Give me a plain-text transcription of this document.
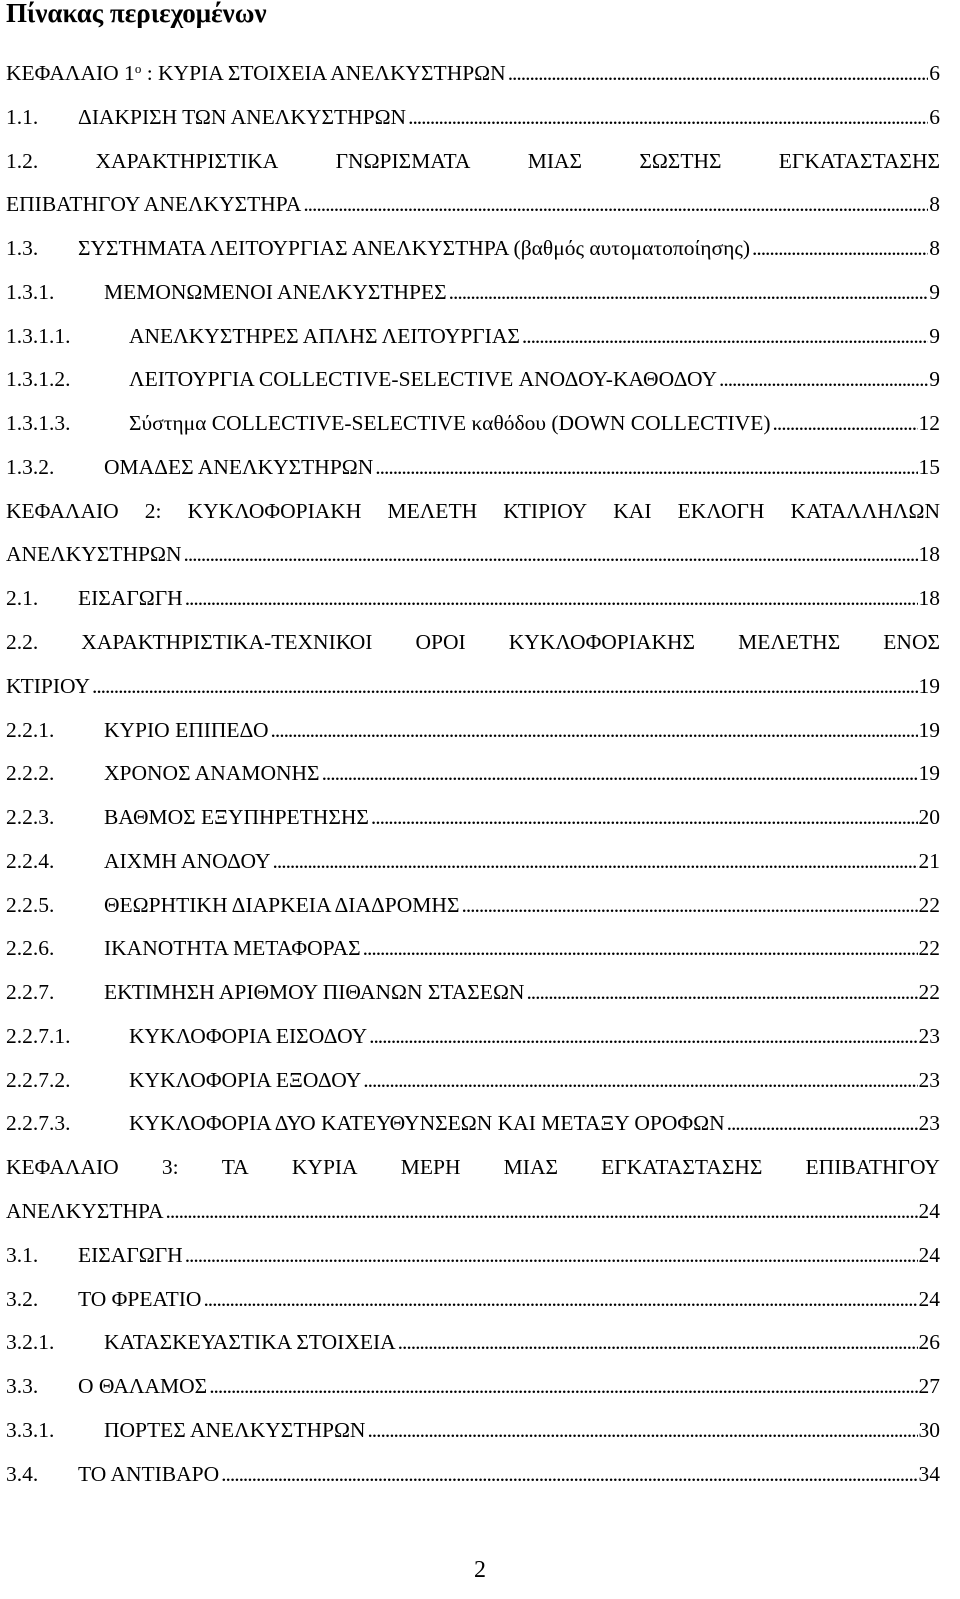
Πίνακας περιεχομένων
ΚΕΦΑΛΑΙΟ $1^o$ : ΚΥΡΙΑ ΣΤΟΙΧΕΙΑ ΑΝΕΛΚΥΣΤΗΡΩΝ . . .	6
1.1. ΔΙΑΚΡΙΣΗ ΤΩΝ ΑΝΕΛΚΥΣΤΗΡΩΝ . . .	6
1.2.	ΧΑΡΑΚΤΗΡΙΣΤΙΚΑ	ΓΝΩΡΙΣΜΑΤΑ	ΜΙΑΣ	ΣΩΣΤΗΣ	ΕΓΚΑΤΑΣΤΑΣΗΣ
ΕΠΙΒΑΤΗΓΟΥ ΑΝΕΛΚΥΣΤΗΡΑ . . .	8
1.3. ΣΥΣΤΗΜΑΤΑ ΛΕΙΤΟΥΡΓΙΑΣ ΑΝΕΛΚΥΣΤΗΡΑ (βαθμός αυτοματοποίησης) . . .	8
1.3.1. ΜΕΜΟΝΩΜΕΝΟΙ ΑΝΕΛΚΥΣΤΗΡΕΣ . . .	9
1.3.1.1.	ΑΝΕΛΚΥΣΤΗΡΕΣ ΑΠΛΗΣ ΛΕΙΤΟΥΡΓΙΑΣ . . .	9
1.3.1.2.	ΛΕΙΤΟΥΡΓΙΑ COLLECTIVE-SELECTIVE ΑΝΟΔΟΥ-ΚΑΘΟΔΟΥ . . .	9
1.3.1.3.	Σύστημα COLLECTIVE-SELECTIVE καθόδου (DOWN COLLECTIVE) . . .	12
1.3.2. ΟΜΑΔΕΣ ΑΝΕΛΚΥΣΤΗΡΩΝ . . .	15
ΚΕΦΑΛΑΙΟ 2: ΚΥΚΛΟΦΟΡΙΑΚΗ ΜΕΛΕΤΗ ΚΤΙΡΙΟΥ ΚΑΙ ΕΚΛΟΓΗ ΚΑΤΑΛΛΗΛΩΝ
ΑΝΕΛΚΥΣΤΗΡΩΝ . . .	18
2.1. ΕΙΣΑΓΩΓΗ . . .	18
2.2. ΧΑΡΑΚΤΗΡΙΣΤΙΚΑ-ΤΕΧΝΙΚΟΙ ΟΡΟΙ ΚΥΚΛΟΦΟΡΙΑΚΗΣ ΜΕΛΕΤΗΣ ΕΝΟΣ
ΚΤΙΡΙΟΥ . . .	19
2.2.1. ΚΥΡΙΟ ΕΠΙΠΕΔΟ . . .	19
2.2.2. ΧΡΟΝΟΣ ΑΝΑΜΟΝΗΣ . . .	19
2.2.3. ΒΑΘΜΟΣ ΕΞΥΠΗΡΕΤΗΣΗΣ . . .	20
2.2.4. ΑΙΧΜΗ ΑΝΟΔΟΥ . . .	21
2.2.5. ΘΕΩΡΗΤΙΚΗ ΔΙΑΡΚΕΙΑ ΔΙΑΔΡΟΜΗΣ . . .	22
2.2.6. ΙΚΑΝΟΤΗΤΑ ΜΕΤΑΦΟΡΑΣ . . .	22
2.2.7. ΕΚΤΙΜΗΣΗ ΑΡΙΘΜΟΥ ΠΙΘΑΝΩΝ ΣΤΑΣΕΩΝ . . .	22
2.2.7.1.	ΚΥΚΛΟΦΟΡΙΑ ΕΙΣΟΔΟΥ . . .	23
2.2.7.2.	ΚΥΚΛΟΦΟΡΙΑ ΕΞΟΔΟΥ . . .	23
2.2.7.3.	ΚΥΚΛΟΦΟΡΙΑ ΔΥΟ ΚΑΤΕΥΘΥΝΣΕΩΝ ΚΑΙ ΜΕΤΑΞΥ ΟΡΟΦΩΝ . . .	23
ΚΕΦΑΛΑΙΟ 3: ΤΑ ΚΥΡΙΑ ΜΕΡΗ ΜΙΑΣ ΕΓΚΑΤΑΣΤΑΣΗΣ ΕΠΙΒΑΤΗΓΟΥ
ΑΝΕΛΚΥΣΤΗΡΑ . . .	24
3.1. ΕΙΣΑΓΩΓΗ . . .	24
3.2. ΤΟ ΦΡΕΑΤΙΟ . . .	24
3.2.1. ΚΑΤΑΣΚΕΥΑΣΤΙΚΑ ΣΤΟΙΧΕΙΑ . . .	26
3.3. Ο ΘΑΛΑΜΟΣ . . .	27
3.3.1. ΠΟΡΤΕΣ ΑΝΕΛΚΥΣΤΗΡΩΝ . . .	30
3.4. ΤΟ ΑΝΤΙΒΑΡΟ . . .	34
2
